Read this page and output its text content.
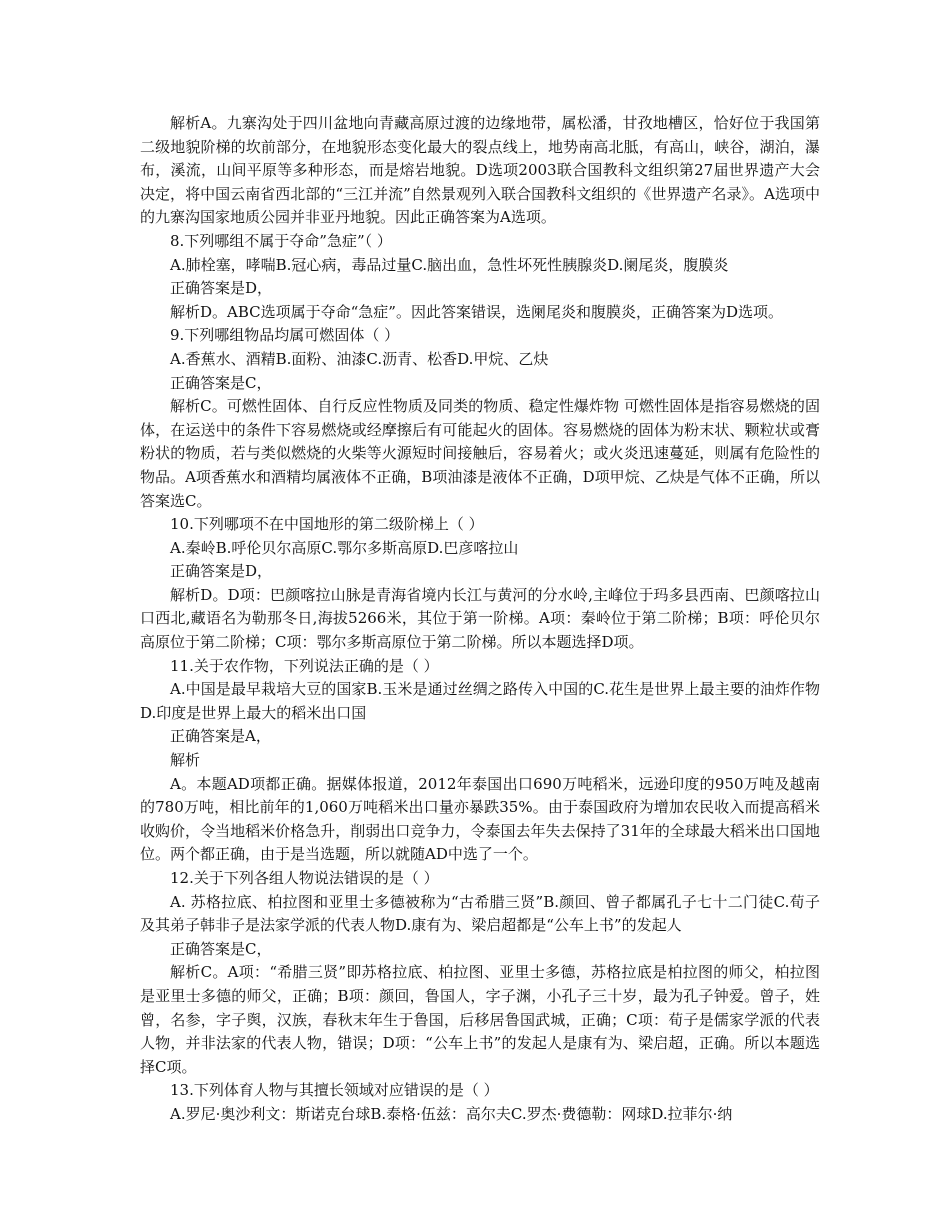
解析A。九寨沟处于四川盆地向青藏高原过渡的边缘地带，属松潘，甘孜地槽区，恰好位于我国第二级地貌阶梯的坎前部分，在地貌形态变化最大的裂点线上，地势南高北胝，有高山，峡谷，湖泊，瀑布，溪流，山间平原等多种形态，而是熔岩地貌。D选项2003联合国教科文组织第27届世界遗产大会决定，将中国云南省西北部的“三江并流”自然景观列入联合国教科文组织的《世界遗产名录》。A选项中的九寨沟国家地质公园并非亚丹地貌。因此正确答案为A选项。

8.下列哪组不属于夺命”急症”（ ）

A.肺栓塞，哮喘B.冠心病，毒品过量C.脑出血，急性坏死性胰腺炎D.阑尾炎，腹膜炎

正确答案是D，

解析D。ABC选项属于夺命“急症”。因此答案错误，选阑尾炎和腹膜炎，正确答案为D选项。

9.下列哪组物品均属可燃固体（ ）

A.香蕉水、酒精B.面粉、油漆C.沥青、松香D.甲烷、乙炔

正确答案是C，

解析C。可燃性固体、自行反应性物质及同类的物质、稳定性爆炸物 可燃性固体是指容易燃烧的固体，在运送中的条件下容易燃烧或经摩擦后有可能起火的固体。容易燃烧的固体为粉末状、颗粒状或膏粉状的物质，若与类似燃烧的火柴等火源短时间接触后，容易着火；或火炎迅速蔓延，则属有危险性的物品。A项香蕉水和酒精均属液体不正确，B项油漆是液体不正确，D项甲烷、乙炔是气体不正确，所以答案选C。

10.下列哪项不在中国地形的第二级阶梯上（ ）

A.秦岭B.呼伦贝尔高原C.鄂尔多斯高原D.巴彦喀拉山

正确答案是D，

解析D。D项：巴颜喀拉山脉是青海省境内长江与黄河的分水岭,主峰位于玛多县西南、巴颜喀拉山口西北,藏语名为勒那冬日,海拔5266米，其位于第一阶梯。A项：秦岭位于第二阶梯；B项：呼伦贝尔高原位于第二阶梯；C项：鄂尔多斯高原位于第二阶梯。所以本题选择D项。

11.关于农作物，下列说法正确的是（ ）

A.中国是最早栽培大豆的国家B.玉米是通过丝绸之路传入中国的C.花生是世界上最主要的油炸作物D.印度是世界上最大的稻米出口国

正确答案是A，

解析

A。本题AD项都正确。据媒体报道，2012年泰国出口690万吨稻米，远逊印度的950万吨及越南的780万吨，相比前年的1,060万吨稻米出口量亦暴跌35%。由于泰国政府为增加农民收入而提高稻米收购价，令当地稻米价格急升，削弱出口竞争力，令泰国去年失去保持了31年的全球最大稻米出口国地位。两个都正确，由于是当选题，所以就随AD中选了一个。

12.关于下列各组人物说法错误的是（ ）

A. 苏格拉底、柏拉图和亚里士多德被称为“古希腊三贤”B.颜回、曾子都属孔子七十二门徒C.荀子及其弟子韩非子是法家学派的代表人物D.康有为、梁启超都是“公车上书”的发起人

正确答案是C，

解析C。A项：“希腊三贤”即苏格拉底、柏拉图、亚里士多德，苏格拉底是柏拉图的师父，柏拉图是亚里士多德的师父，正确；B项：颜回，鲁国人，字子渊，小孔子三十岁，最为孔子钟爱。曾子，姓曾，名参，字子舆，汉族，春秋末年生于鲁国，后移居鲁国武城，正确；C项：荀子是儒家学派的代表人物，并非法家的代表人物，错误；D项：“公车上书”的发起人是康有为、梁启超，正确。所以本题选择C项。

13.下列体育人物与其擅长领域对应错误的是（ ）

A.罗尼·奥沙利文：斯诺克台球B.泰格·伍兹：高尔夫C.罗杰·费德勒：网球D.拉菲尔·纳
